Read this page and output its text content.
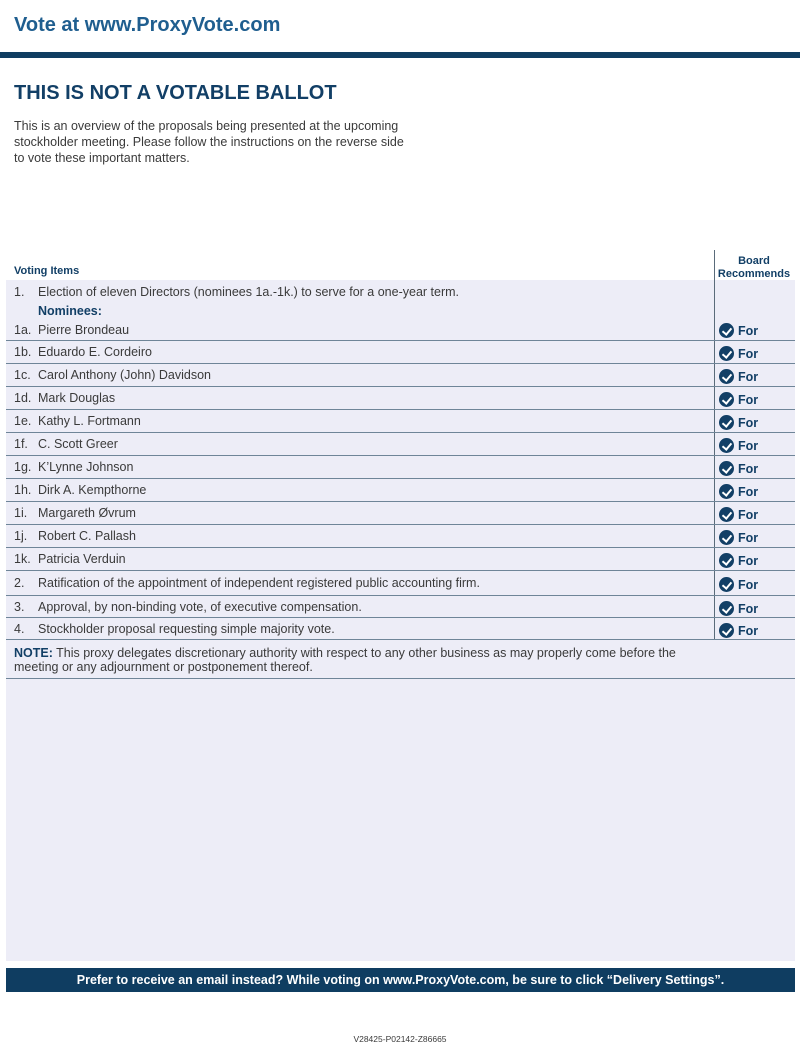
Vote at www.ProxyVote.com
THIS IS NOT A VOTABLE BALLOT
This is an overview of the proposals being presented at the upcoming stockholder meeting. Please follow the instructions on the reverse side to vote these important matters.
Voting Items
Board
Recommends
1. Election of eleven Directors (nominees 1a.-1k.) to serve for a one-year term.
Nominees:
1a. Pierre Brondeau	For
1b. Eduardo E. Cordeiro	For
1c. Carol Anthony (John) Davidson	For
1d. Mark Douglas	For
1e. Kathy L. Fortmann	For
1f. C. Scott Greer	For
1g. K’Lynne Johnson	For
1h. Dirk A. Kempthorne	For
1i. Margareth Øvrum	For
1j. Robert C. Pallash	For
1k. Patricia Verduin	For
2. Ratification of the appointment of independent registered public accounting firm.	For
3. Approval, by non-binding vote, of executive compensation.	For
4. Stockholder proposal requesting simple majority vote.	For
NOTE: This proxy delegates discretionary authority with respect to any other business as may properly come before the meeting or any adjournment or postponement thereof.
Prefer to receive an email instead? While voting on www.ProxyVote.com, be sure to click “Delivery Settings”.
V28425-P02142-Z86665
